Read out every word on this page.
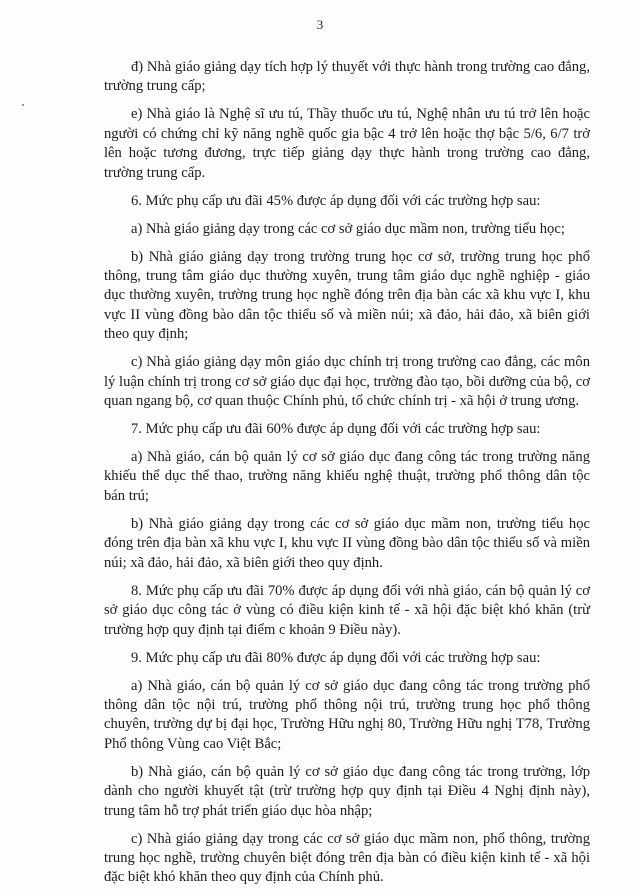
3

đ) Nhà giáo giảng dạy tích hợp lý thuyết với thực hành trong trường cao đẳng, trường trung cấp;

e) Nhà giáo là Nghệ sĩ ưu tú, Thầy thuốc ưu tú, Nghệ nhân ưu tú trở lên hoặc người có chứng chỉ kỹ năng nghề quốc gia bậc 4 trở lên hoặc thợ bậc 5/6, 6/7 trở lên hoặc tương đương, trực tiếp giảng dạy thực hành trong trường cao đẳng, trường trung cấp.

6. Mức phụ cấp ưu đãi 45% được áp dụng đối với các trường hợp sau:

a) Nhà giáo giảng dạy trong các cơ sở giáo dục mầm non, trường tiểu học;

b) Nhà giáo giảng dạy trong trường trung học cơ sở, trường trung học phổ thông, trung tâm giáo dục thường xuyên, trung tâm giáo dục nghề nghiệp - giáo dục thường xuyên, trường trung học nghề đóng trên địa bàn các xã khu vực I, khu vực II vùng đồng bào dân tộc thiểu số và miền núi; xã đảo, hải đảo, xã biên giới theo quy định;

c) Nhà giáo giảng dạy môn giáo dục chính trị trong trường cao đẳng, các môn lý luận chính trị trong cơ sở giáo dục đại học, trường đào tạo, bồi dưỡng của bộ, cơ quan ngang bộ, cơ quan thuộc Chính phủ, tổ chức chính trị - xã hội ở trung ương.

7. Mức phụ cấp ưu đãi 60% được áp dụng đối với các trường hợp sau:

a) Nhà giáo, cán bộ quản lý cơ sở giáo dục đang công tác trong trường năng khiếu thể dục thể thao, trường năng khiếu nghệ thuật, trường phổ thông dân tộc bán trú;

b) Nhà giáo giảng dạy trong các cơ sở giáo dục mầm non, trường tiểu học đóng trên địa bàn xã khu vực I, khu vực II vùng đồng bào dân tộc thiểu số và miền núi; xã đảo, hải đảo, xã biên giới theo quy định.

8. Mức phụ cấp ưu đãi 70% được áp dụng đối với nhà giáo, cán bộ quản lý cơ sở giáo dục công tác ở vùng có điều kiện kinh tế - xã hội đặc biệt khó khăn (trừ trường hợp quy định tại điểm c khoản 9 Điều này).

9. Mức phụ cấp ưu đãi 80% được áp dụng đối với các trường hợp sau:

a) Nhà giáo, cán bộ quản lý cơ sở giáo dục đang công tác trong trường phổ thông dân tộc nội trú, trường phổ thông nội trú, trường trung học phổ thông chuyên, trường dự bị đại học, Trường Hữu nghị 80, Trường Hữu nghị T78, Trường Phổ thông Vùng cao Việt Bắc;

b) Nhà giáo, cán bộ quản lý cơ sở giáo dục đang công tác trong trường, lớp dành cho người khuyết tật (trừ trường hợp quy định tại Điều 4 Nghị định này), trung tâm hỗ trợ phát triển giáo dục hòa nhập;

c) Nhà giáo giảng dạy trong các cơ sở giáo dục mầm non, phổ thông, trường trung học nghề, trường chuyên biệt đóng trên địa bàn có điều kiện kinh tế - xã hội đặc biệt khó khăn theo quy định của Chính phủ.
